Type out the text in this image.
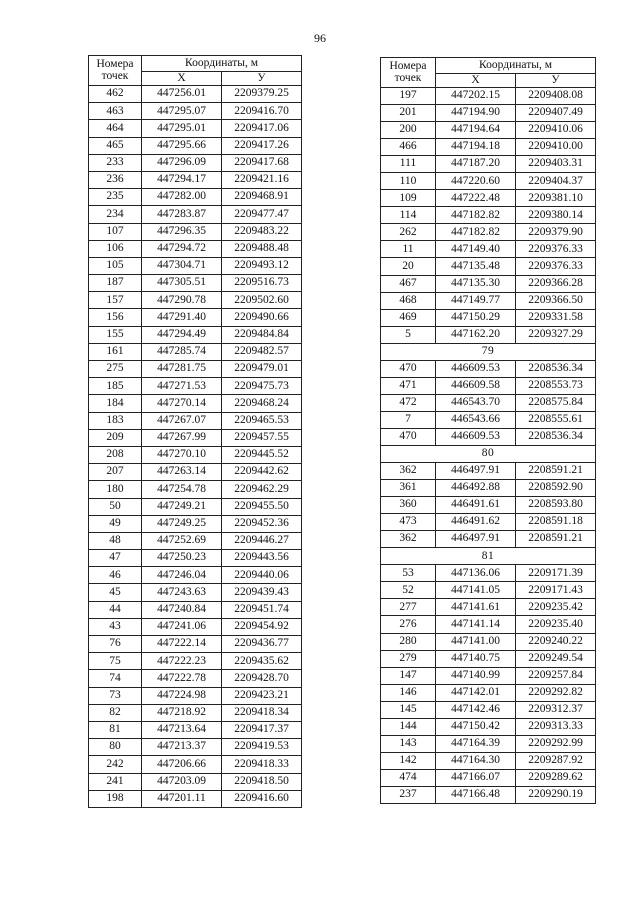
96
Номера
точек	Координаты, м	
	X	У
462	447256.01	2209379.25
463	447295.07	2209416.70
464	447295.01	2209417.06
465	447295.66	2209417.26
233	447296.09	2209417.68
236	447294.17	2209421.16
235	447282.00	2209468.91
234	447283.87	2209477.47
107	447296.35	2209483.22
106	447294.72	2209488.48
105	447304.71	2209493.12
187	447305.51	2209516.73
157	447290.78	2209502.60
156	447291.40	2209490.66
155	447294.49	2209484.84
161	447285.74	2209482.57
275	447281.75	2209479.01
185	447271.53	2209475.73
184	447270.14	2209468.24
183	447267.07	2209465.53
209	447267.99	2209457.55
208	447270.10	2209445.52
207	447263.14	2209442.62
180	447254.78	2209462.29
50	447249.21	2209455.50
49	447249.25	2209452.36
48	447252.69	2209446.27
47	447250.23	2209443.56
46	447246.04	2209440.06
45	447243.63	2209439.43
44	447240.84	2209451.74
43	447241.06	2209454.92
76	447222.14	2209436.77
75	447222.23	2209435.62
74	447222.78	2209428.70
73	447224.98	2209423.21
82	447218.92	2209418.34
81	447213.64	2209417.37
80	447213.37	2209419.53
242	447206.66	2209418.33
241	447203.09	2209418.50
198	447201.11	2209416.60
Номера
точек	Координаты, м	
	X	У
197	447202.15	2209408.08
201	447194.90	2209407.49
200	447194.64	2209410.06
466	447194.18	2209410.00
111	447187.20	2209403.31
110	447220.60	2209404.37
109	447222.48	2209381.10
114	447182.82	2209380.14
262	447182.82	2209379.90
11	447149.40	2209376.33
20	447135.48	2209376.33
467	447135.30	2209366.28
468	447149.77	2209366.50
469	447150.29	2209331.58
5	447162.20	2209327.29
79		
470	446609.53	2208536.34
471	446609.58	2208553.73
472	446543.70	2208575.84
7	446543.66	2208555.61
470	446609.53	2208536.34
80		
362	446497.91	2208591.21
361	446492.88	2208592.90
360	446491.61	2208593.80
473	446491.62	2208591.18
362	446497.91	2208591.21
81		
53	447136.06	2209171.39
52	447141.05	2209171.43
277	447141.61	2209235.42
276	447141.14	2209235.40
280	447141.00	2209240.22
279	447140.75	2209249.54
147	447140.99	2209257.84
146	447142.01	2209292.82
145	447142.46	2209312.37
144	447150.42	2209313.33
143	447164.39	2209292.99
142	447164.30	2209287.92
474	447166.07	2209289.62
237	447166.48	2209290.19
